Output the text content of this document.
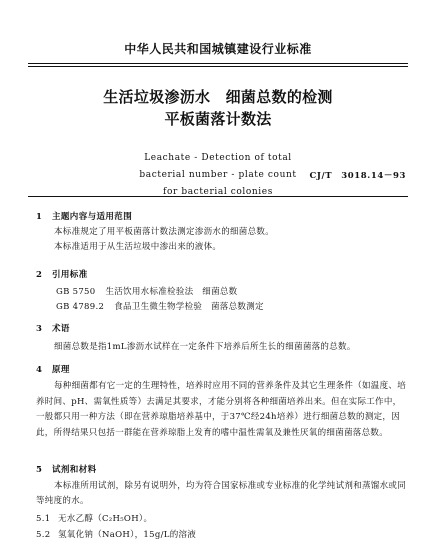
中华人民共和国城镇建设行业标准
生活垃圾渗沥水　细菌总数的检测
平板菌落计数法
Leachate - Detection of total
bacterial number - plate count
for bacterial colonies
CJ/T　3018.14－93
1 主题内容与适用范围

本标准规定了用平板菌落计数法测定渗沥水的细菌总数。

本标准适用于从生活垃圾中渗出来的液体。

2 引用标准
GB 5750 生活饮用水标准检验法　细菌总数
GB 4789.2 食品卫生微生物学检验　菌落总数测定
3 术语

细菌总数是指1mL渗沥水试样在一定条件下培养后所生长的细菌菌落的总数。

4 原理

每种细菌都有它一定的生理特性，培养时应用不同的营养条件及其它生理条件（如温度、培养时间、pH、需氧性质等）去满足其要求，才能分别将各种细菌培养出来。但在实际工作中，一般都只用一种方法（即在营养琼脂培养基中，于37℃经24h培养）进行细菌总数的测定，因此，所得结果只包括一群能在营养琼脂上发育的嗜中温性需氧及兼性厌氧的细菌菌落总数。

5 试剂和材料

本标准所用试剂，除另有说明外，均为符合国家标准或专业标准的化学纯试剂和蒸馏水或同等纯度的水。

5.1 无水乙醇（C₂H₅OH）。
5.2 氢氧化钠（NaOH），15g/L的溶液
